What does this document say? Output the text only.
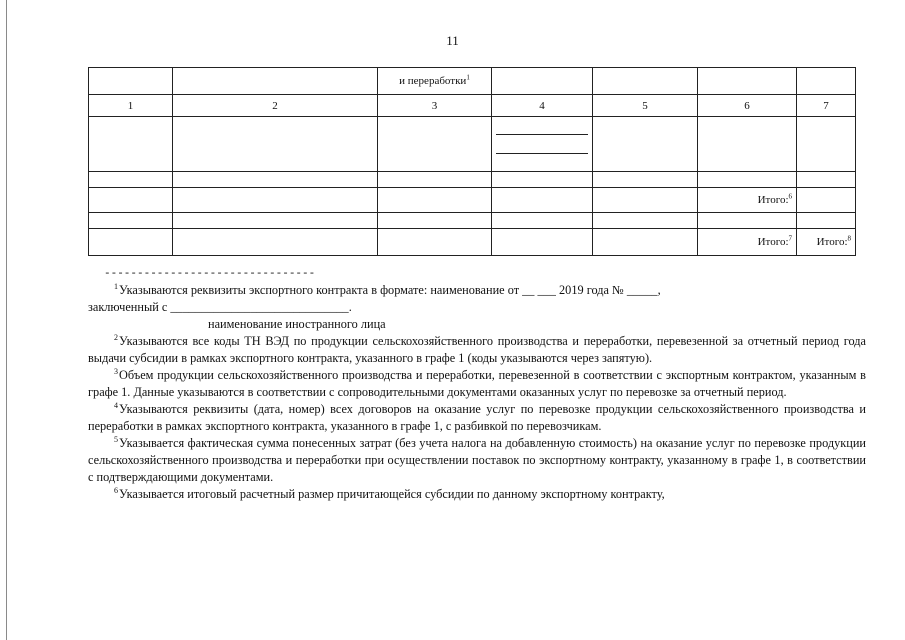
11
		и переработки$^1$				
1	2	3	4	5	6	7

					Итого:$^6$	

					Итого:$^7$	Итого:$^8$
--------------------------------

$^1$Указываются реквизиты экспортного контракта в формате: наименование от __ ___ 2019 года № _____,

заключенный с _____________________________.

наименование иностранного лица

$^2$Указываются все коды ТН ВЭД по продукции сельскохозяйственного производства и переработки, перевезенной за отчетный период года выдачи субсидии в рамках экспортного контракта, указанного в графе 1 (коды указываются через запятую).

$^3$Объем продукции сельскохозяйственного производства и переработки, перевезенной в соответствии с экспортным контрактом, указанным в графе 1. Данные указываются в соответствии с сопроводительными документами оказанных услуг по перевозке за отчетный период.

$^4$Указываются реквизиты (дата, номер) всех договоров на оказание услуг по перевозке продукции сельскохозяйственного производства и переработки в рамках экспортного контракта, указанного в графе 1, с разбивкой по перевозчикам.

$^5$Указывается фактическая сумма понесенных затрат (без учета налога на добавленную стоимость) на оказание услуг по перевозке продукции сельскохозяйственного производства и переработки при осуществлении поставок по экспортному контракту, указанному в графе 1, в соответствии с подтверждающими документами.

$^6$Указывается итоговый расчетный размер причитающейся субсидии по данному экспортному контракту,
